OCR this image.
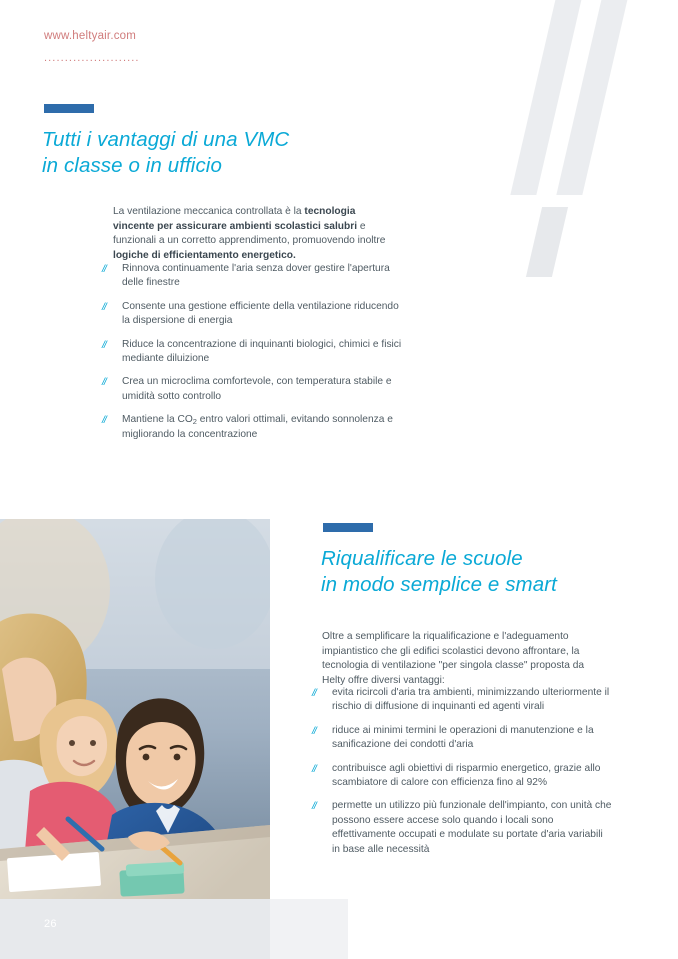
www.heltyair.com
.......................
Tutti i vantaggi di una VMC
in classe o in ufficio
La ventilazione meccanica controllata è la tecnologia vincente per assicurare ambienti scolastici salubri e funzionali a un corretto apprendimento, promuovendo inoltre logiche di efficientamento energetico.
// Rinnova continuamente l'aria senza dover gestire l'apertura delle finestre
// Consente una gestione efficiente della ventilazione riducendo la dispersione di energia
// Riduce la concentrazione di inquinanti biologici, chimici e fisici mediante diluizione
// Crea un microclima comfortevole, con temperatura stabile e umidità sotto controllo
// Mantiene la $CO_2$ entro valori ottimali, evitando sonnolenza e migliorando la concentrazione
Riqualificare le scuole
in modo semplice e smart
Oltre a semplificare la riqualificazione e l'adeguamento impiantistico che gli edifici scolastici devono affrontare, la tecnologia di ventilazione "per singola classe" proposta da Helty offre diversi vantaggi:
// evita ricircoli d'aria tra ambienti, minimizzando ulteriormente il rischio di diffusione di inquinanti ed agenti virali
// riduce ai minimi termini le operazioni di manutenzione e la sanificazione dei condotti d'aria
// contribuisce agli obiettivi di risparmio energetico, grazie allo scambiatore di calore con efficienza fino al 92%
// permette un utilizzo più funzionale dell'impianto, con unità che possono essere accese solo quando i locali sono effettivamente occupati e modulate su portate d'aria variabili in base alle necessità
26
